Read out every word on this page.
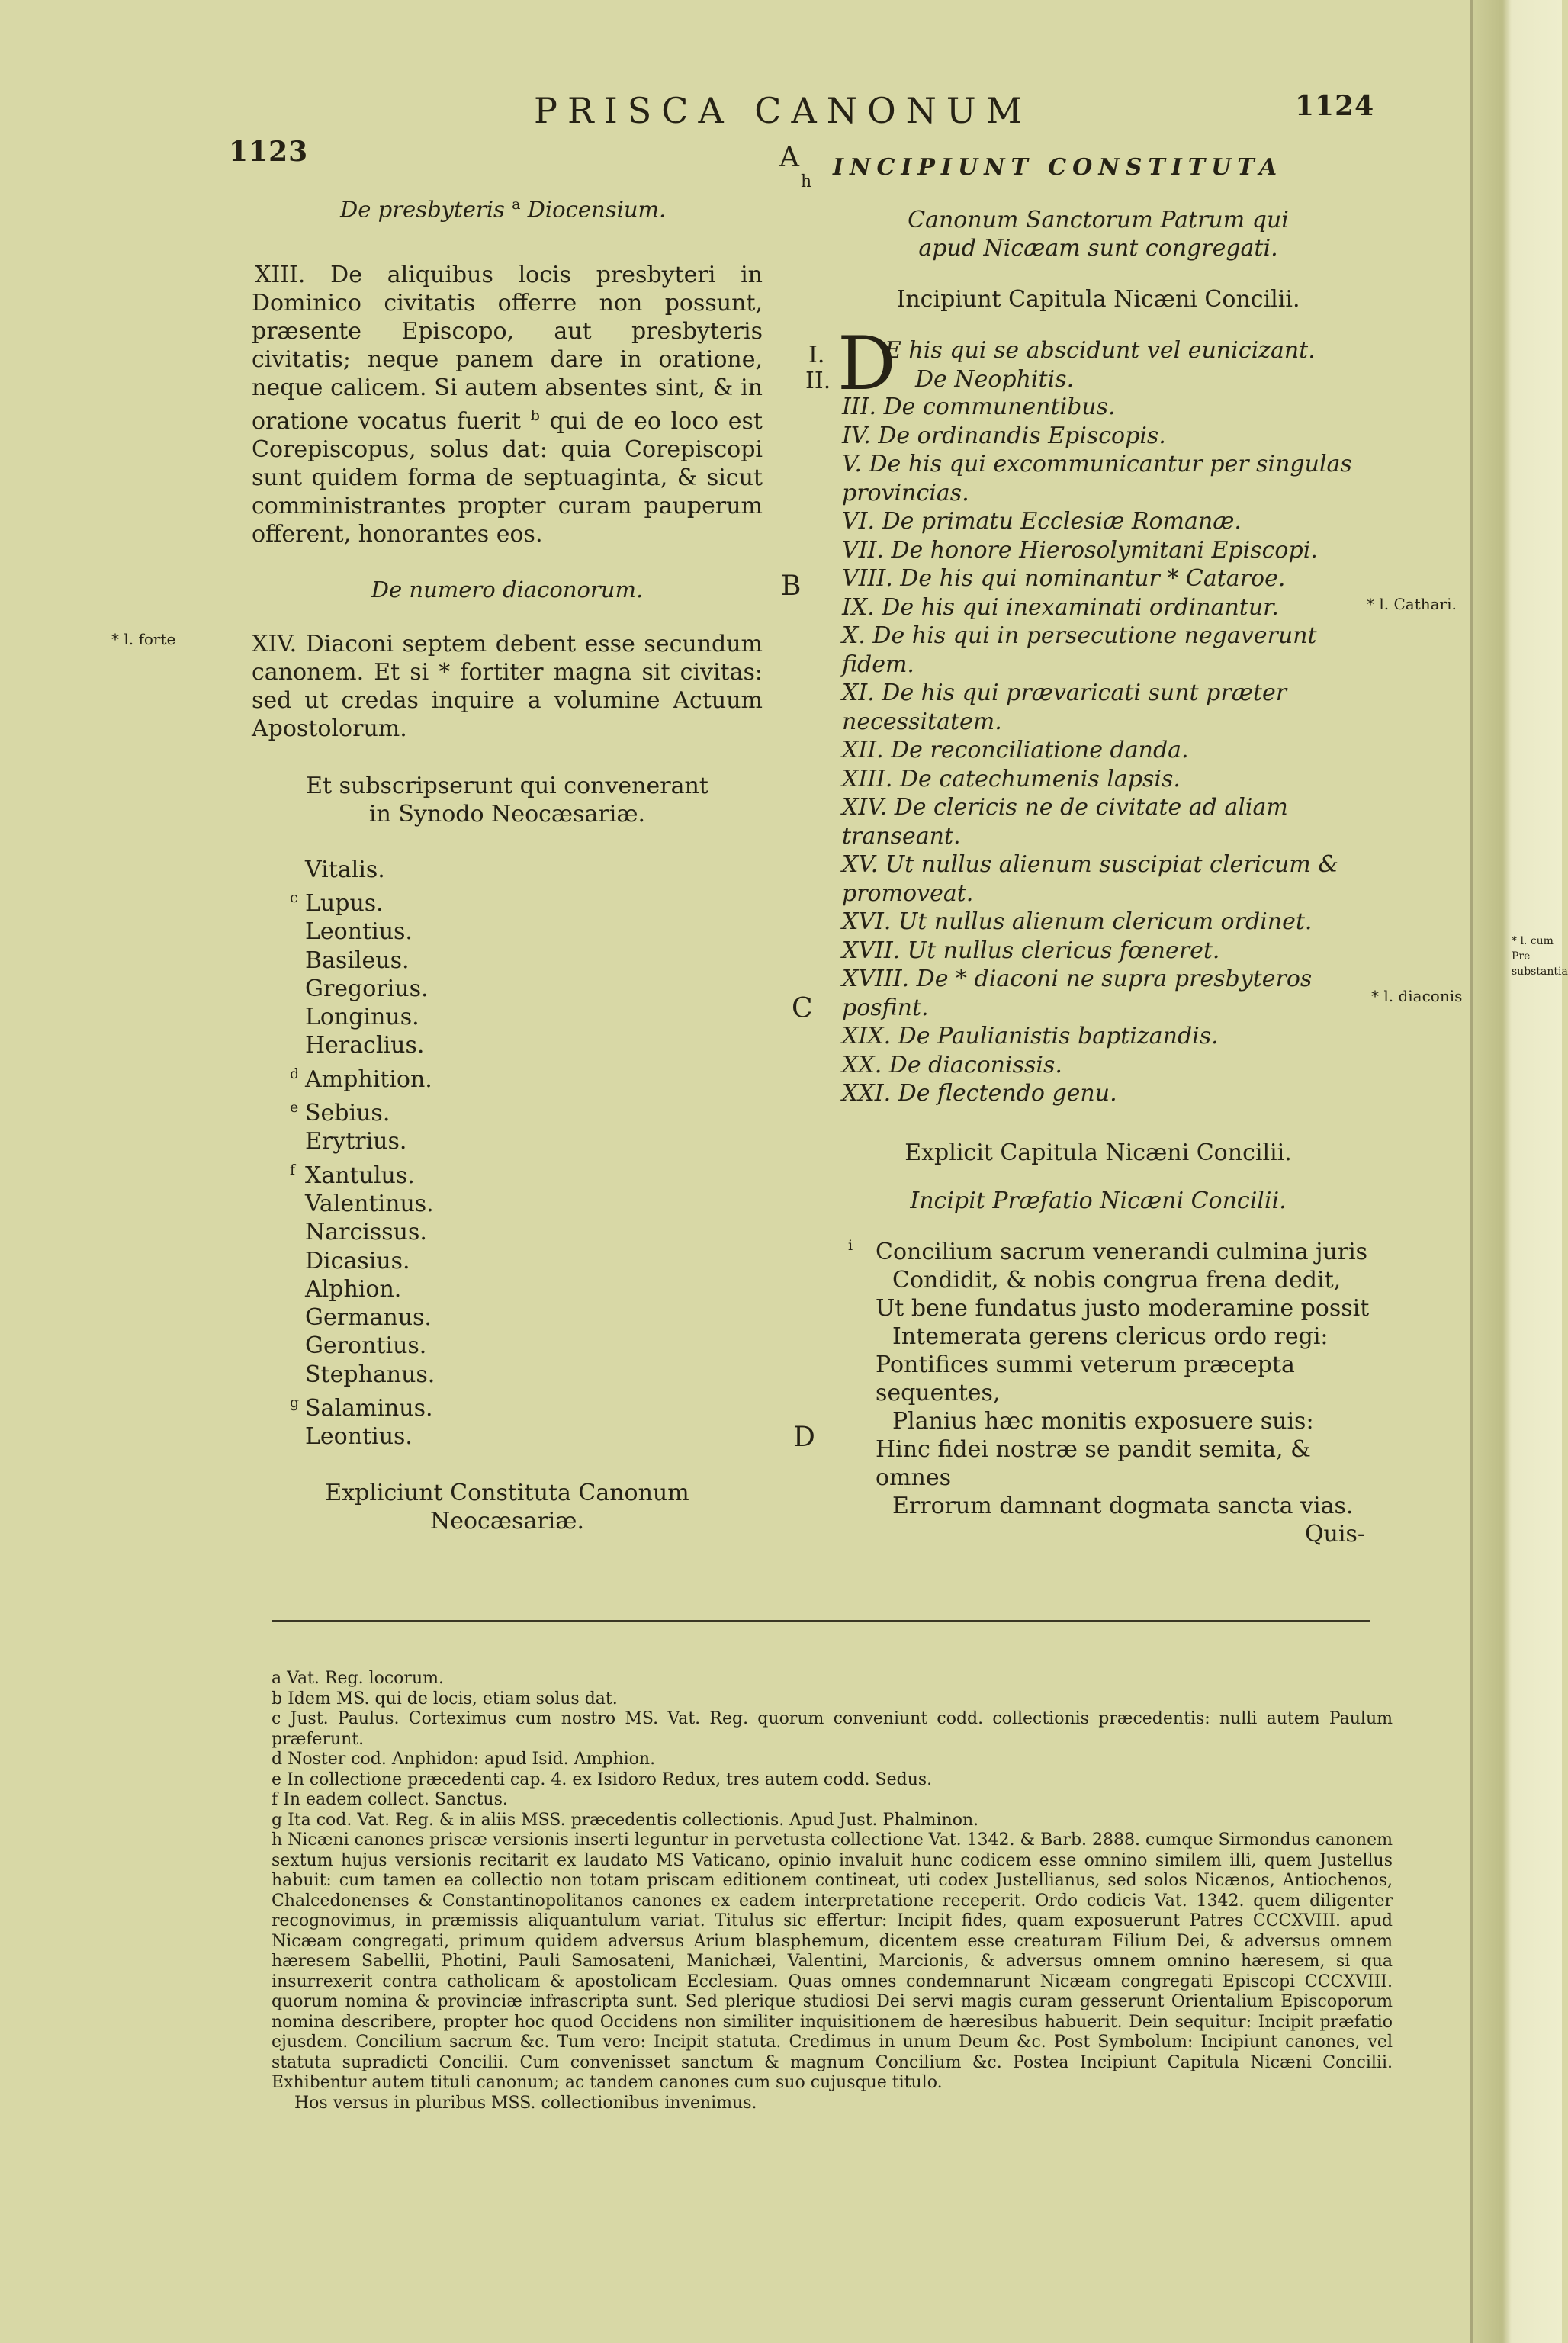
1123
PRISCA CANONUM	1124
A
h
INCIPIUNT CONSTITUTA

De presbyteris $^a$ Diocensium.

XIII. De aliquibus locis presbyteri in Dominico civitatis offerre non possunt, præsente Episcopo, aut presbyteris civitatis; neque panem dare in oratione, neque calicem. Si autem absentes sint, & in oratione vocatus fuerit $^b$ qui de eo loco est Corepiscopus, solus dat: quia Corepiscopi sunt quidem forma de septuaginta, & sicut comministrantes propter curam pauperum offerent, honorantes eos.

De numero diaconorum.

XIV. Diaconi septem debent esse secundum canonem. Et si * fortiter magna sit civitas: sed ut credas inquire a volumine Actuum Apostolorum.

Et subscripserunt qui convenerant in Synodo Neocæsariæ.

Vitalis.

c Lupus.

Leontius.

Basileus.

Gregorius.

Longinus.

Heraclius.

d Amphition.

e Sebius.

Erytrius.

f Xantulus.

Valentinus.

Narcissus.

Dicasius.

Alphion.

Germanus.

Gerontius.

Stephanus.

g Salaminus.

Leontius.

Expliciunt Constituta Canonum Neocæsariæ.

Canonum Sanctorum Patrum qui apud Nicæam sunt congregati.

Incipiunt Capitula Nicæni Concilii.

I.
II. D
E his qui se abscidunt vel eunicizant.
De Neophitis.

III. De communentibus.

IV. De ordinandis Episcopis.

V. De his qui excommunicantur per singulas provincias.

VI. De primatu Ecclesiæ Romanæ.

VII. De honore Hierosolymitani Episcopi.

VIII. De his qui nominantur * Cataroe.

IX. De his qui inexaminati ordinantur.

X. De his qui in persecutione negaverunt fidem.

XI. De his qui prævaricati sunt præter necessitatem.

XII. De reconciliatione danda.

XIII. De catechumenis lapsis.

XIV. De clericis ne de civitate ad aliam transeant.

XV. Ut nullus alienum suscipiat clericum & promoveat.

XVI. Ut nullus alienum clericum ordinet.

XVII. Ut nullus clericus fœneret.

XVIII. De * diaconi ne supra presbyteros posfint.

XIX. De Paulianistis baptizandis.

XX. De diaconissis.

XXI. De flectendo genu.

Explicit Capitula Nicæni Concilii.

Incipit Præfatio Nicæni Concilii.

i Concilium sacrum venerandi culmina juris

Condidit, & nobis congrua frena dedit,

Ut bene fundatus justo moderamine possit

Intemerata gerens clericus ordo regi:

Pontifices summi veterum præcepta sequentes,

Planius hæc monitis exposuere suis:

Hinc fidei nostræ se pandit semita, & omnes

Errorum damnant dogmata sancta vias.

Quis-

B
C
D
* l. forte
* l. Cathari.
* l. diaconis
* l. cum Pre substantia

a Vat. Reg. locorum.

b Idem MS. qui de locis, etiam solus dat.

c Just. Paulus. Corteximus cum nostro MS. Vat. Reg. quorum conveniunt codd. collectionis præcedentis: nulli autem Paulum præferunt.

d Noster cod. Anphidon: apud Isid. Amphion.

e In collectione præcedenti cap. 4. ex Isidoro Redux, tres autem codd. Sedus.

f In eadem collect. Sanctus.

g Ita cod. Vat. Reg. & in aliis MSS. præcedentis collectionis. Apud Just. Phalminon.

h Nicæni canones priscæ versionis inserti leguntur in pervetusta collectione Vat. 1342. & Barb. 2888. cumque Sirmondus canonem sextum hujus versionis recitarit ex laudato MS Vaticano, opinio invaluit hunc codicem esse omnino similem illi, quem Justellus habuit: cum tamen ea collectio non totam priscam editionem contineat, uti codex Justellianus, sed solos Nicænos, Antiochenos, Chalcedonenses & Constantinopolitanos canones ex eadem interpretatione receperit. Ordo codicis Vat. 1342. quem diligenter recognovimus, in præmissis aliquantulum variat. Titulus sic effertur: Incipit fides, quam exposuerunt Patres CCCXVIII. apud Nicæam congregati, primum quidem adversus Arium blasphemum, dicentem esse creaturam Filium Dei, & adversus omnem hæresem Sabellii, Photini, Pauli Samosateni, Manichæi, Valentini, Marcionis, & adversus omnem omnino hæresem, si qua insurrexerit contra catholicam & apostolicam Ecclesiam. Quas omnes condemnarunt Nicæam congregati Episcopi CCCXVIII. quorum nomina & provinciæ infrascripta sunt. Sed plerique studiosi Dei servi magis curam gesserunt Orientalium Episcoporum nomina describere, propter hoc quod Occidens non similiter inquisitionem de hæresibus habuerit. Dein sequitur: Incipit præfatio ejusdem. Concilium sacrum &c. Tum vero: Incipit statuta. Credimus in unum Deum &c. Post Symbolum: Incipiunt canones, vel statuta supradicti Concilii. Cum convenisset sanctum & magnum Concilium &c. Postea Incipiunt Capitula Nicæni Concilii. Exhibentur autem tituli canonum; ac tandem canones cum suo cujusque titulo.

Hos versus in pluribus MSS. collectionibus invenimus.
